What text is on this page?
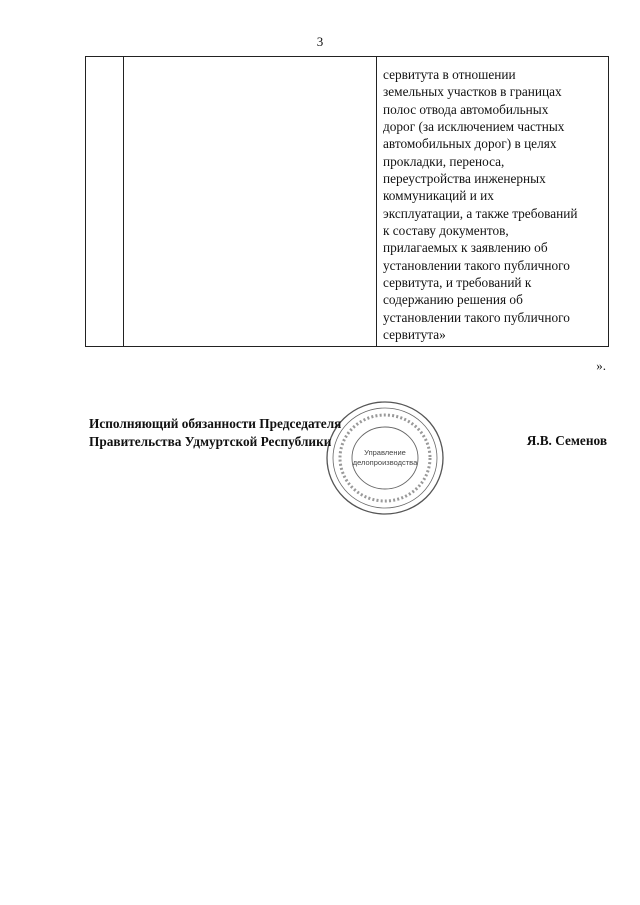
3
сервитута в отношении
земельных участков в границах
полос отвода автомобильных
дорог (за исключением частных
автомобильных дорог) в целях
прокладки, переноса,
переустройства инженерных
коммуникаций и их
эксплуатации, а также требований
к составу документов,
прилагаемых к заявлению об
установлении такого публичного
сервитута, и требований к
содержанию решения об
установлении такого публичного
сервитута»
».
Управление
делопроизводства
Исполняющий обязанности Председателя
Правительства Удмуртской Республики	Я.В. Семенов
